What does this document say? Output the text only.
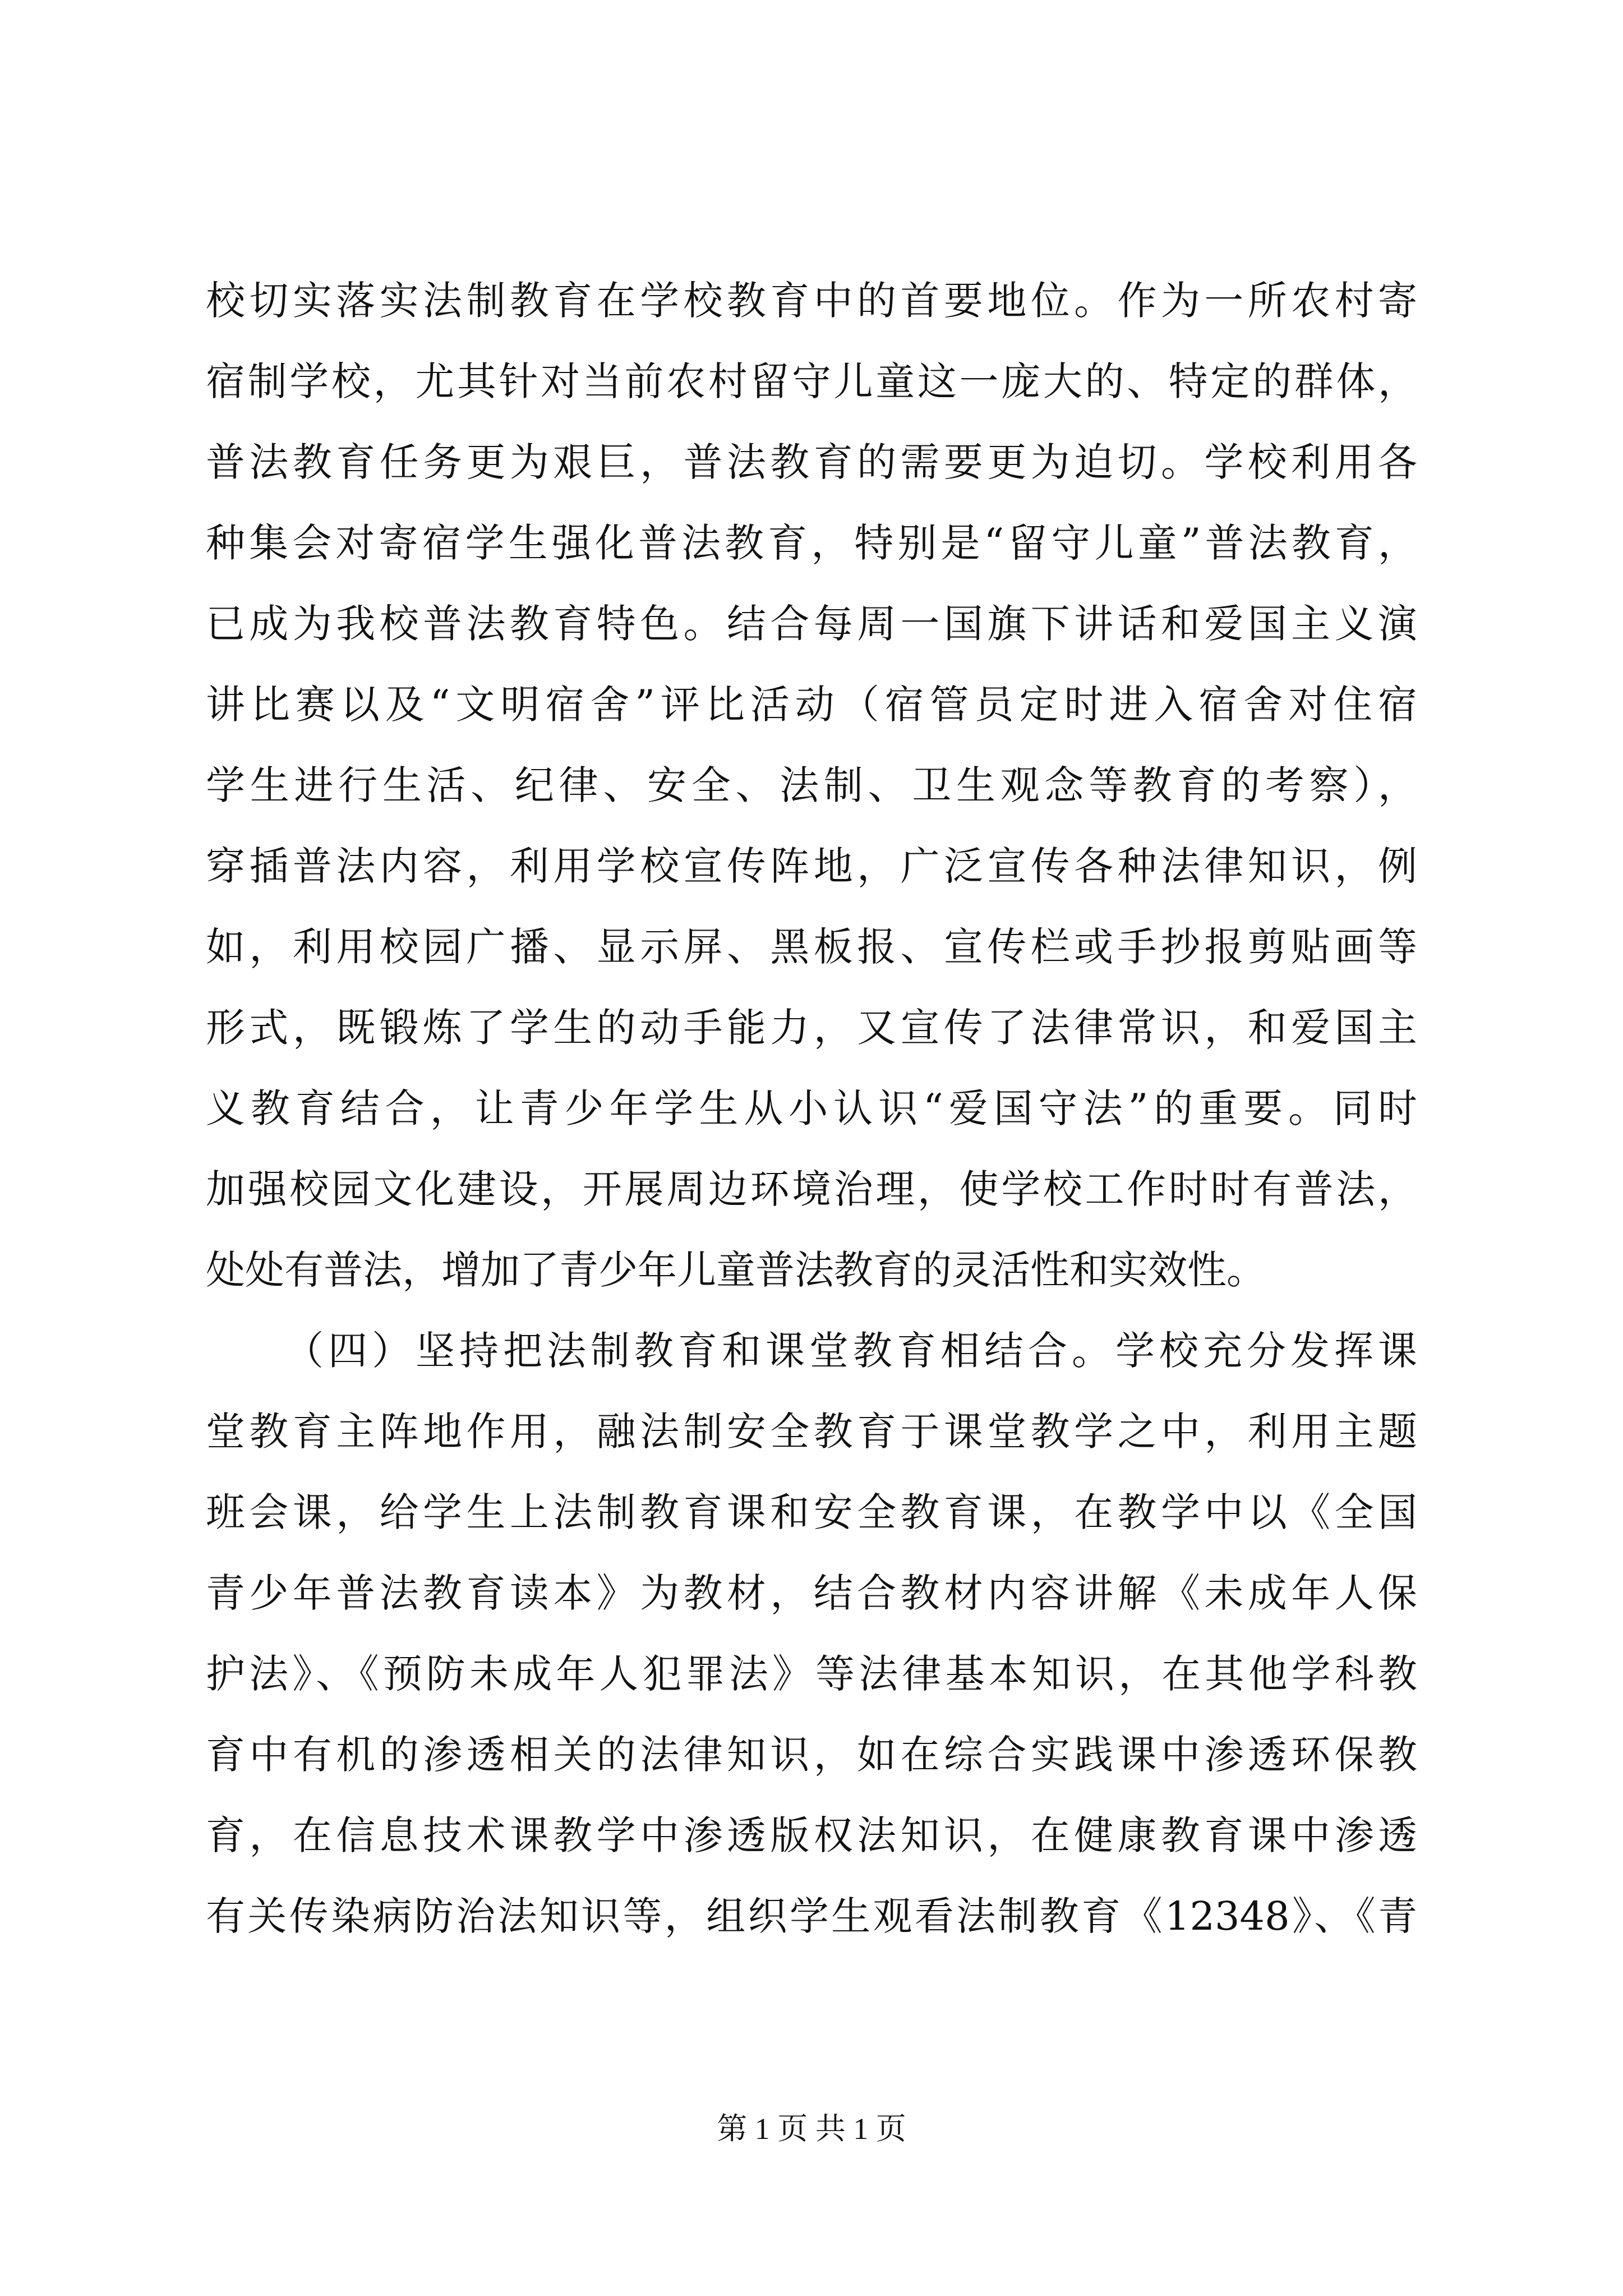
校切实落实法制教育在学校教育中的首要地位。作为一所农村寄
宿制学校，尤其针对当前农村留守儿童这一庞大的、特定的群体，
普法教育任务更为艰巨，普法教育的需要更为迫切。学校利用各
种集会对寄宿学生强化普法教育，特别是“留守儿童”普法教育，
已成为我校普法教育特色。结合每周一国旗下讲话和爱国主义演
讲比赛以及“文明宿舍”评比活动（宿管员定时进入宿舍对住宿
学生进行生活、纪律、安全、法制、卫生观念等教育的考察），
穿插普法内容，利用学校宣传阵地，广泛宣传各种法律知识，例
如，利用校园广播、显示屏、黑板报、宣传栏或手抄报剪贴画等
形式，既锻炼了学生的动手能力，又宣传了法律常识，和爱国主
义教育结合，让青少年学生从小认识“爱国守法”的重要。同时
加强校园文化建设，开展周边环境治理，使学校工作时时有普法，
处处有普法，增加了青少年儿童普法教育的灵活性和实效性。
（四）坚持把法制教育和课堂教育相结合。学校充分发挥课
堂教育主阵地作用，融法制安全教育于课堂教学之中，利用主题
班会课，给学生上法制教育课和安全教育课，在教学中以《全国
青少年普法教育读本》为教材，结合教材内容讲解《未成年人保
护法》、《预防未成年人犯罪法》等法律基本知识，在其他学科教
育中有机的渗透相关的法律知识，如在综合实践课中渗透环保教
育，在信息技术课教学中渗透版权法知识，在健康教育课中渗透
有关传染病防治法知识等，组织学生观看法制教育《12348》、《青
第 1 页 共 1 页
